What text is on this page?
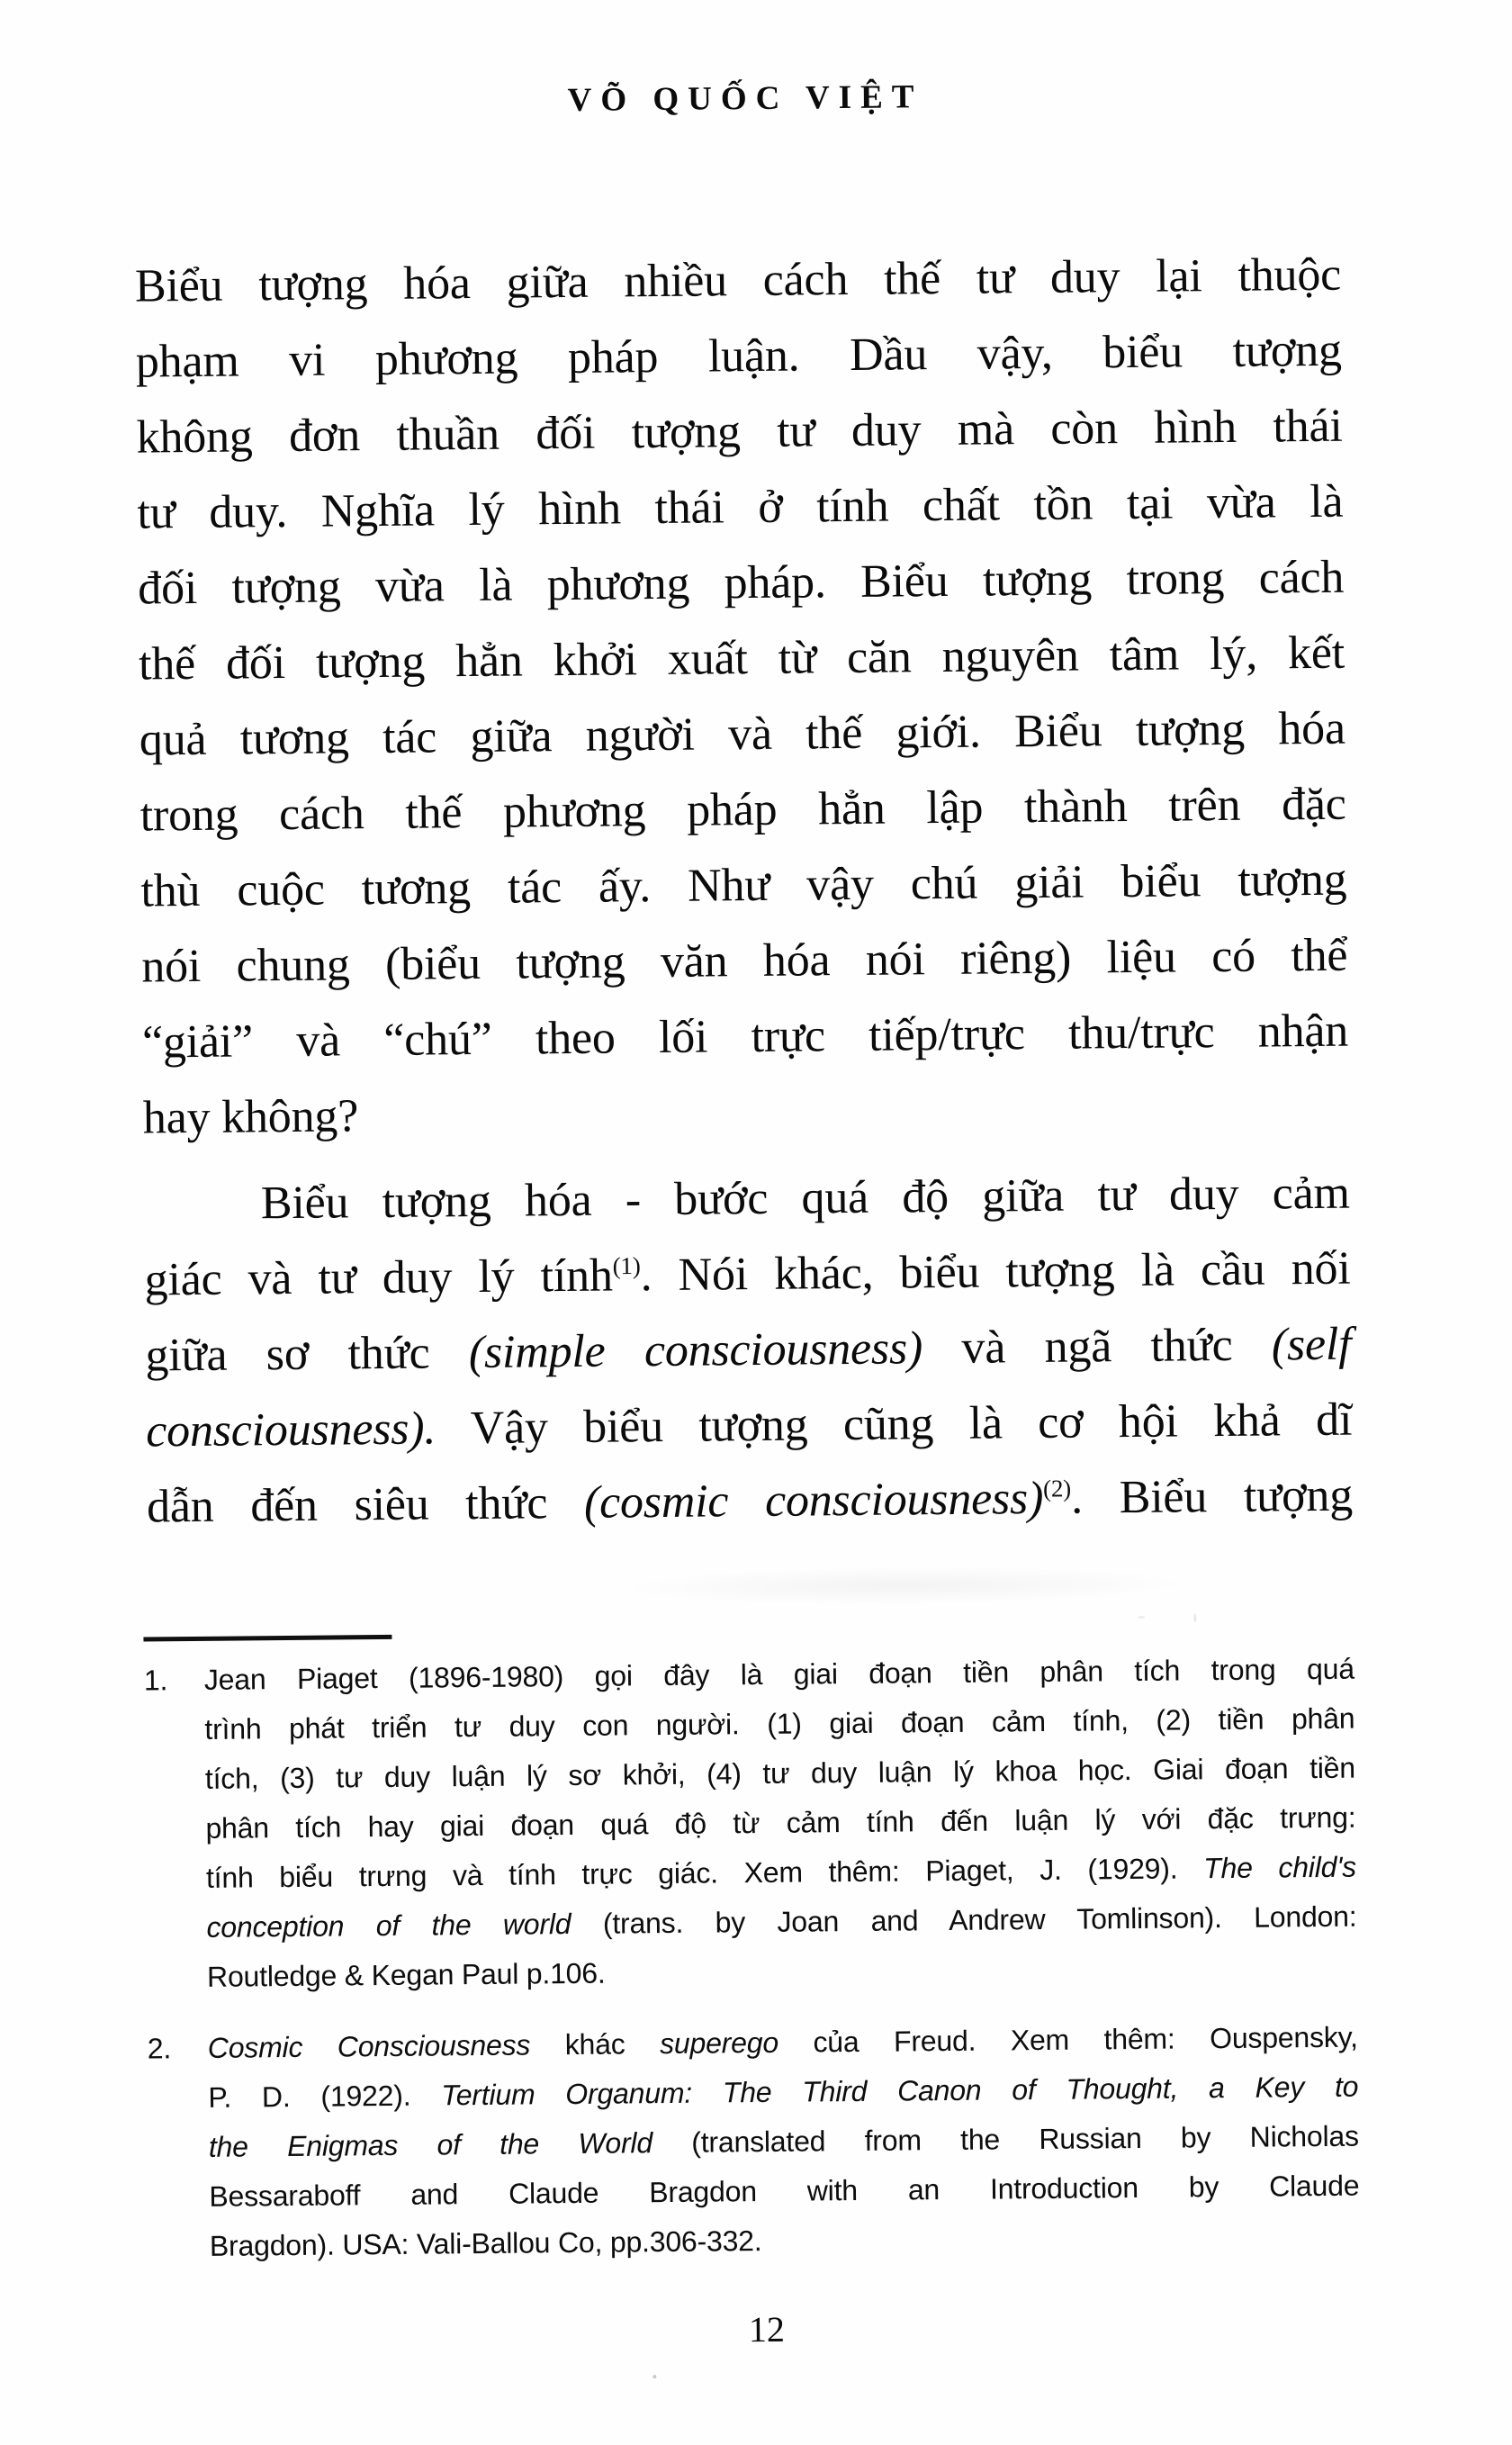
VÕ QUỐC VIỆT
Biểu tượng hóa giữa nhiều cách thế tư duy lại thuộc
phạm vi phương pháp luận. Dầu vậy, biểu tượng
không đơn thuần đối tượng tư duy mà còn hình thái
tư duy. Nghĩa lý hình thái ở tính chất tồn tại vừa là
đối tượng vừa là phương pháp. Biểu tượng trong cách
thế đối tượng hẳn khởi xuất từ căn nguyên tâm lý, kết
quả tương tác giữa người và thế giới. Biểu tượng hóa
trong cách thế phương pháp hẳn lập thành trên đặc
thù cuộc tương tác ấy. Như vậy chú giải biểu tượng
nói chung (biểu tượng văn hóa nói riêng) liệu có thể
“giải” và “chú” theo lối trực tiếp/trực thu/trực nhận
hay không?
Biểu tượng hóa - bước quá độ giữa tư duy cảm
giác và tư duy lý tính$^{(1)}$. Nói khác, biểu tượng là cầu nối
giữa sơ thức (simple consciousness) và ngã thức (self
consciousness). Vậy biểu tượng cũng là cơ hội khả dĩ
dẫn đến siêu thức (cosmic consciousness)$^{(2)}$. Biểu tượng
1.	Jean Piaget (1896-1980) gọi đây là giai đoạn tiền phân tích trong quá
trình phát triển tư duy con người. (1) giai đoạn cảm tính, (2) tiền phân
tích, (3) tư duy luận lý sơ khởi, (4) tư duy luận lý khoa học. Giai đoạn tiền
phân tích hay giai đoạn quá độ từ cảm tính đến luận lý với đặc trưng:
tính biểu trưng và tính trực giác. Xem thêm: Piaget, J. (1929). The child's
conception of the world (trans. by Joan and Andrew Tomlinson). London:
Routledge & Kegan Paul p.106.
2.	Cosmic Consciousness khác superego của Freud. Xem thêm: Ouspensky,
P. D. (1922). Tertium Organum: The Third Canon of Thought, a Key to
the Enigmas of the World (translated from the Russian by Nicholas
Bessaraboff and Claude Bragdon with an Introduction by Claude
Bragdon). USA: Vali-Ballou Co, pp.306-332.
12
